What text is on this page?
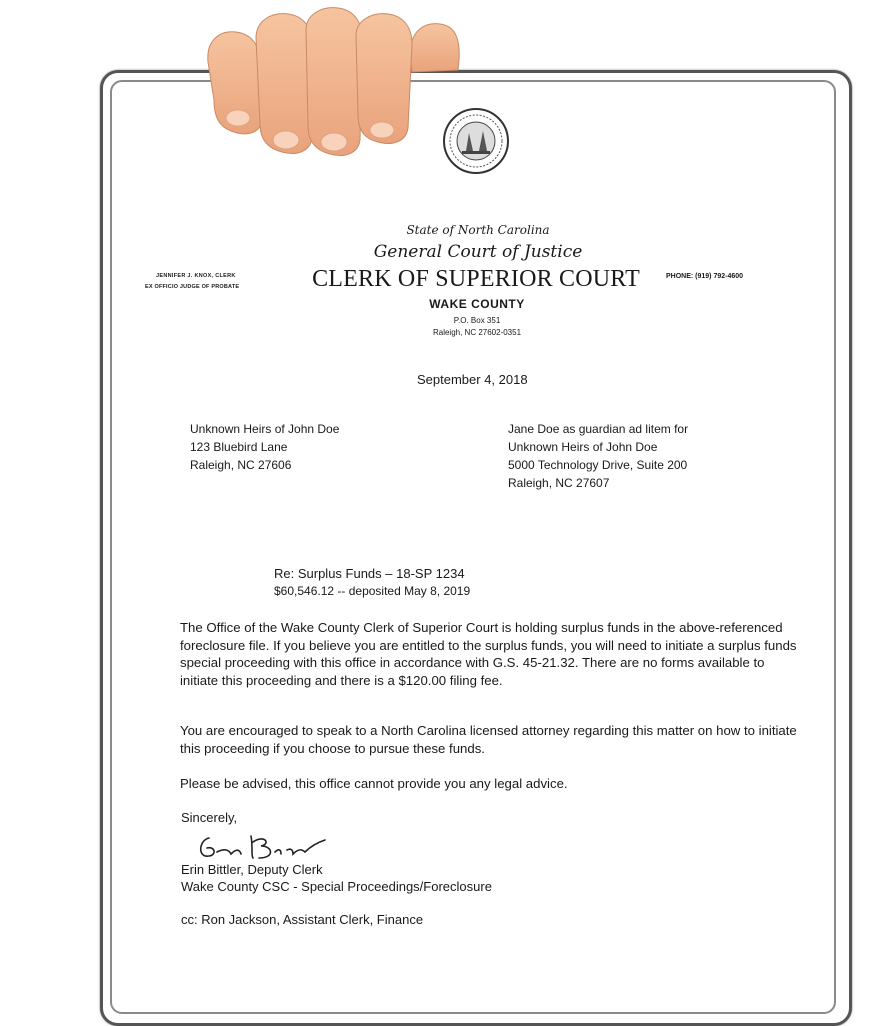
State of North Carolina
General Court of Justice
CLERK OF SUPERIOR COURT
WAKE COUNTY
P.O. Box 351
Raleigh, NC 27602-0351
JENNIFER J. KNOX, CLERK
EX OFFICIO JUDGE OF PROBATE
PHONE: (919) 792-4600
September 4, 2018
Unknown Heirs of John Doe
123 Bluebird Lane
Raleigh, NC 27606
Jane Doe as guardian ad litem for
Unknown Heirs of John Doe
5000 Technology Drive, Suite 200
Raleigh, NC 27607
Re: Surplus Funds – 18-SP 1234
$60,546.12 -- deposited May 8, 2019
The Office of the Wake County Clerk of Superior Court is holding surplus funds in the above-referenced foreclosure file. If you believe you are entitled to the surplus funds, you will need to initiate a surplus funds special proceeding with this office in accordance with G.S. 45-21.32. There are no forms available to initiate this proceeding and there is a $120.00 filing fee.
You are encouraged to speak to a North Carolina licensed attorney regarding this matter on how to initiate this proceeding if you choose to pursue these funds.
Please be advised, this office cannot provide you any legal advice.
Sincerely,
Erin Bittler, Deputy Clerk
Wake County CSC - Special Proceedings/Foreclosure
cc: Ron Jackson, Assistant Clerk, Finance
